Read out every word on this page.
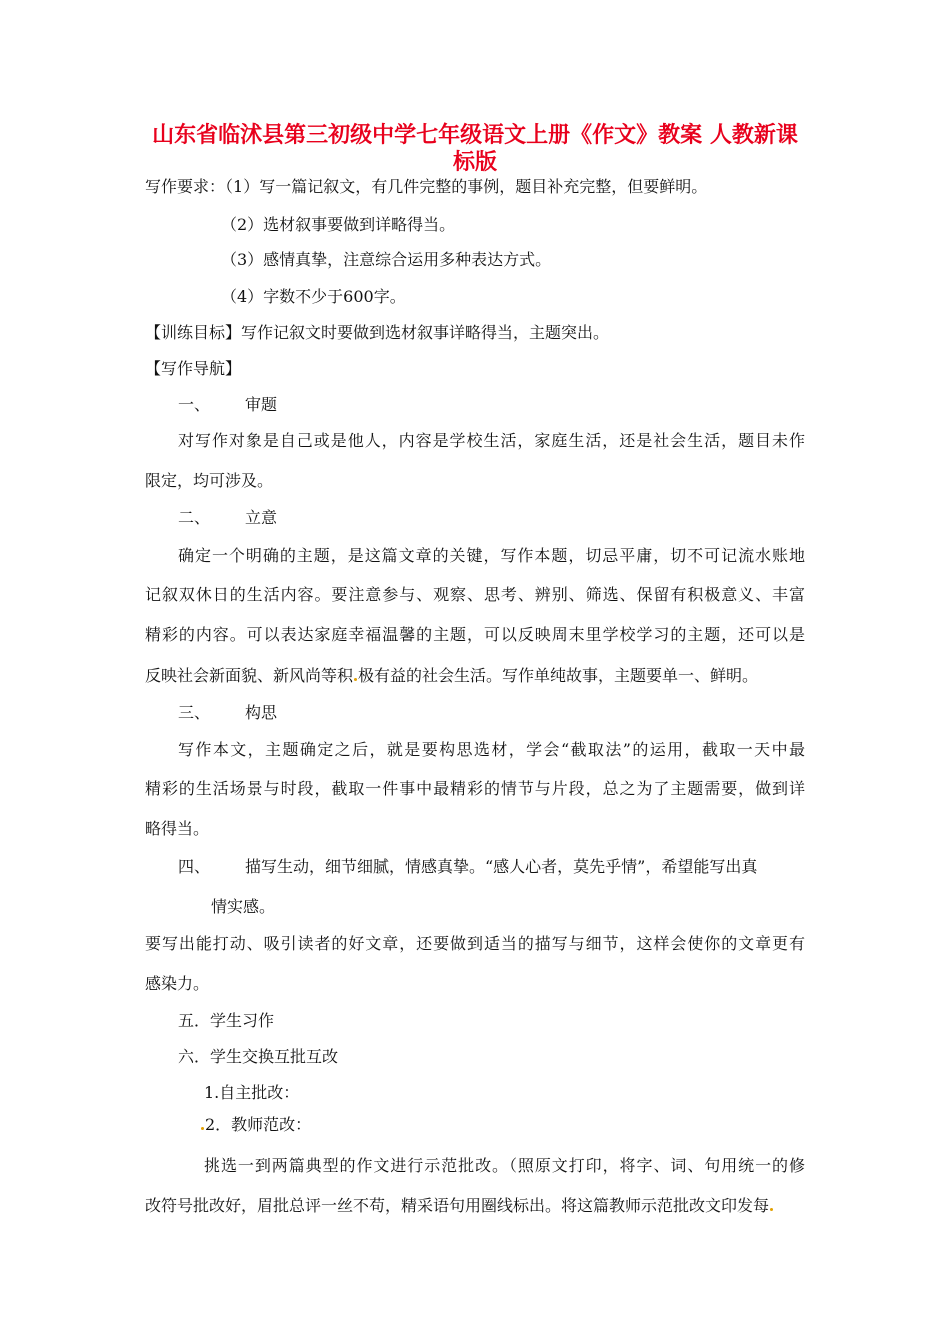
山东省临沭县第三初级中学七年级语文上册《作文》教案 人教新课
标版
写作要求：（1）写一篇记叙文，有几件完整的事例，题目补充完整，但要鲜明。
（2）选材叙事要做到详略得当。
（3）感情真挚，注意综合运用多种表达方式。
（4）字数不少于600字。
【训练目标】写作记叙文时要做到选材叙事详略得当，主题突出。
【写作导航】
一、 审题
对写作对象是自己或是他人，内容是学校生活，家庭生活，还是社会生活，题目未作
限定，均可涉及。
二、 立意
确定一个明确的主题，是这篇文章的关键，写作本题，切忌平庸，切不可记流水账地
记叙双休日的生活内容。要注意参与、观察、思考、辨别、筛选、保留有积极意义、丰富
精彩的内容。可以表达家庭幸福温馨的主题，可以反映周末里学校学习的主题，还可以是
反映社会新面貌、新风尚等积 极有益的社会生活。写作单纯故事，主题要单一、鲜明。
三、 构思
写作本文，主题确定之后，就是要构思选材，学会“截取法”的运用，截取一天中最
精彩的生活场景与时段，截取一件事中最精彩的情节与片段，总之为了主题需要，做到详
略得当。
四、 描写生动，细节细腻，情感真挚。“感人心者，莫先乎情”，希望能写出真
情实感。
要写出能打动、吸引读者的好文章，还要做到适当的描写与细节，这样会使你的文章更有
感染力。
五．学生习作
六．学生交换互批互改
1.自主批改：
2．教师范改：
挑选一到两篇典型的作文进行示范批改。（照原文打印，将字、词、句用统一的修
改符号批改好，眉批总评一丝不苟，精采语句用圈线标出。将这篇教师示范批改文印发每
